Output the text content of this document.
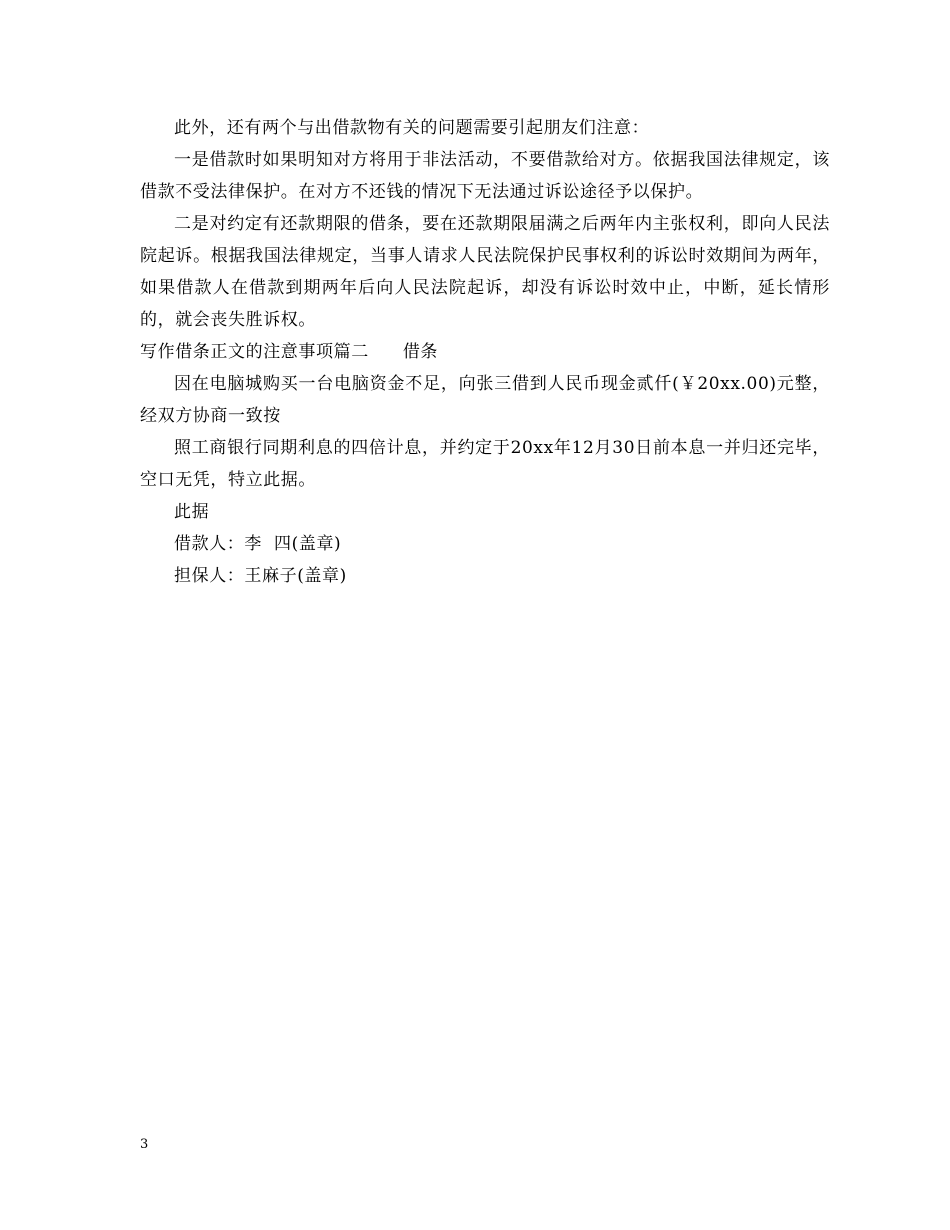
此外，还有两个与出借款物有关的问题需要引起朋友们注意：

一是借款时如果明知对方将用于非法活动，不要借款给对方。依据我国法律规定，该借款不受法律保护。在对方不还钱的情况下无法通过诉讼途径予以保护。

二是对约定有还款期限的借条，要在还款期限届满之后两年内主张权利，即向人民法院起诉。根据我国法律规定，当事人请求人民法院保护民事权利的诉讼时效期间为两年，如果借款人在借款到期两年后向人民法院起诉，却没有诉讼时效中止，中断，延长情形的，就会丧失胜诉权。

写作借条正文的注意事项篇二 借条

因在电脑城购买一台电脑资金不足，向张三借到人民币现金贰仟(￥20xx.00)元整，经双方协商一致按

照工商银行同期利息的四倍计息，并约定于20xx年12月30日前本息一并归还完毕，空口无凭，特立此据。

此据

借款人：李  四(盖章)

担保人：王麻子(盖章)

3
